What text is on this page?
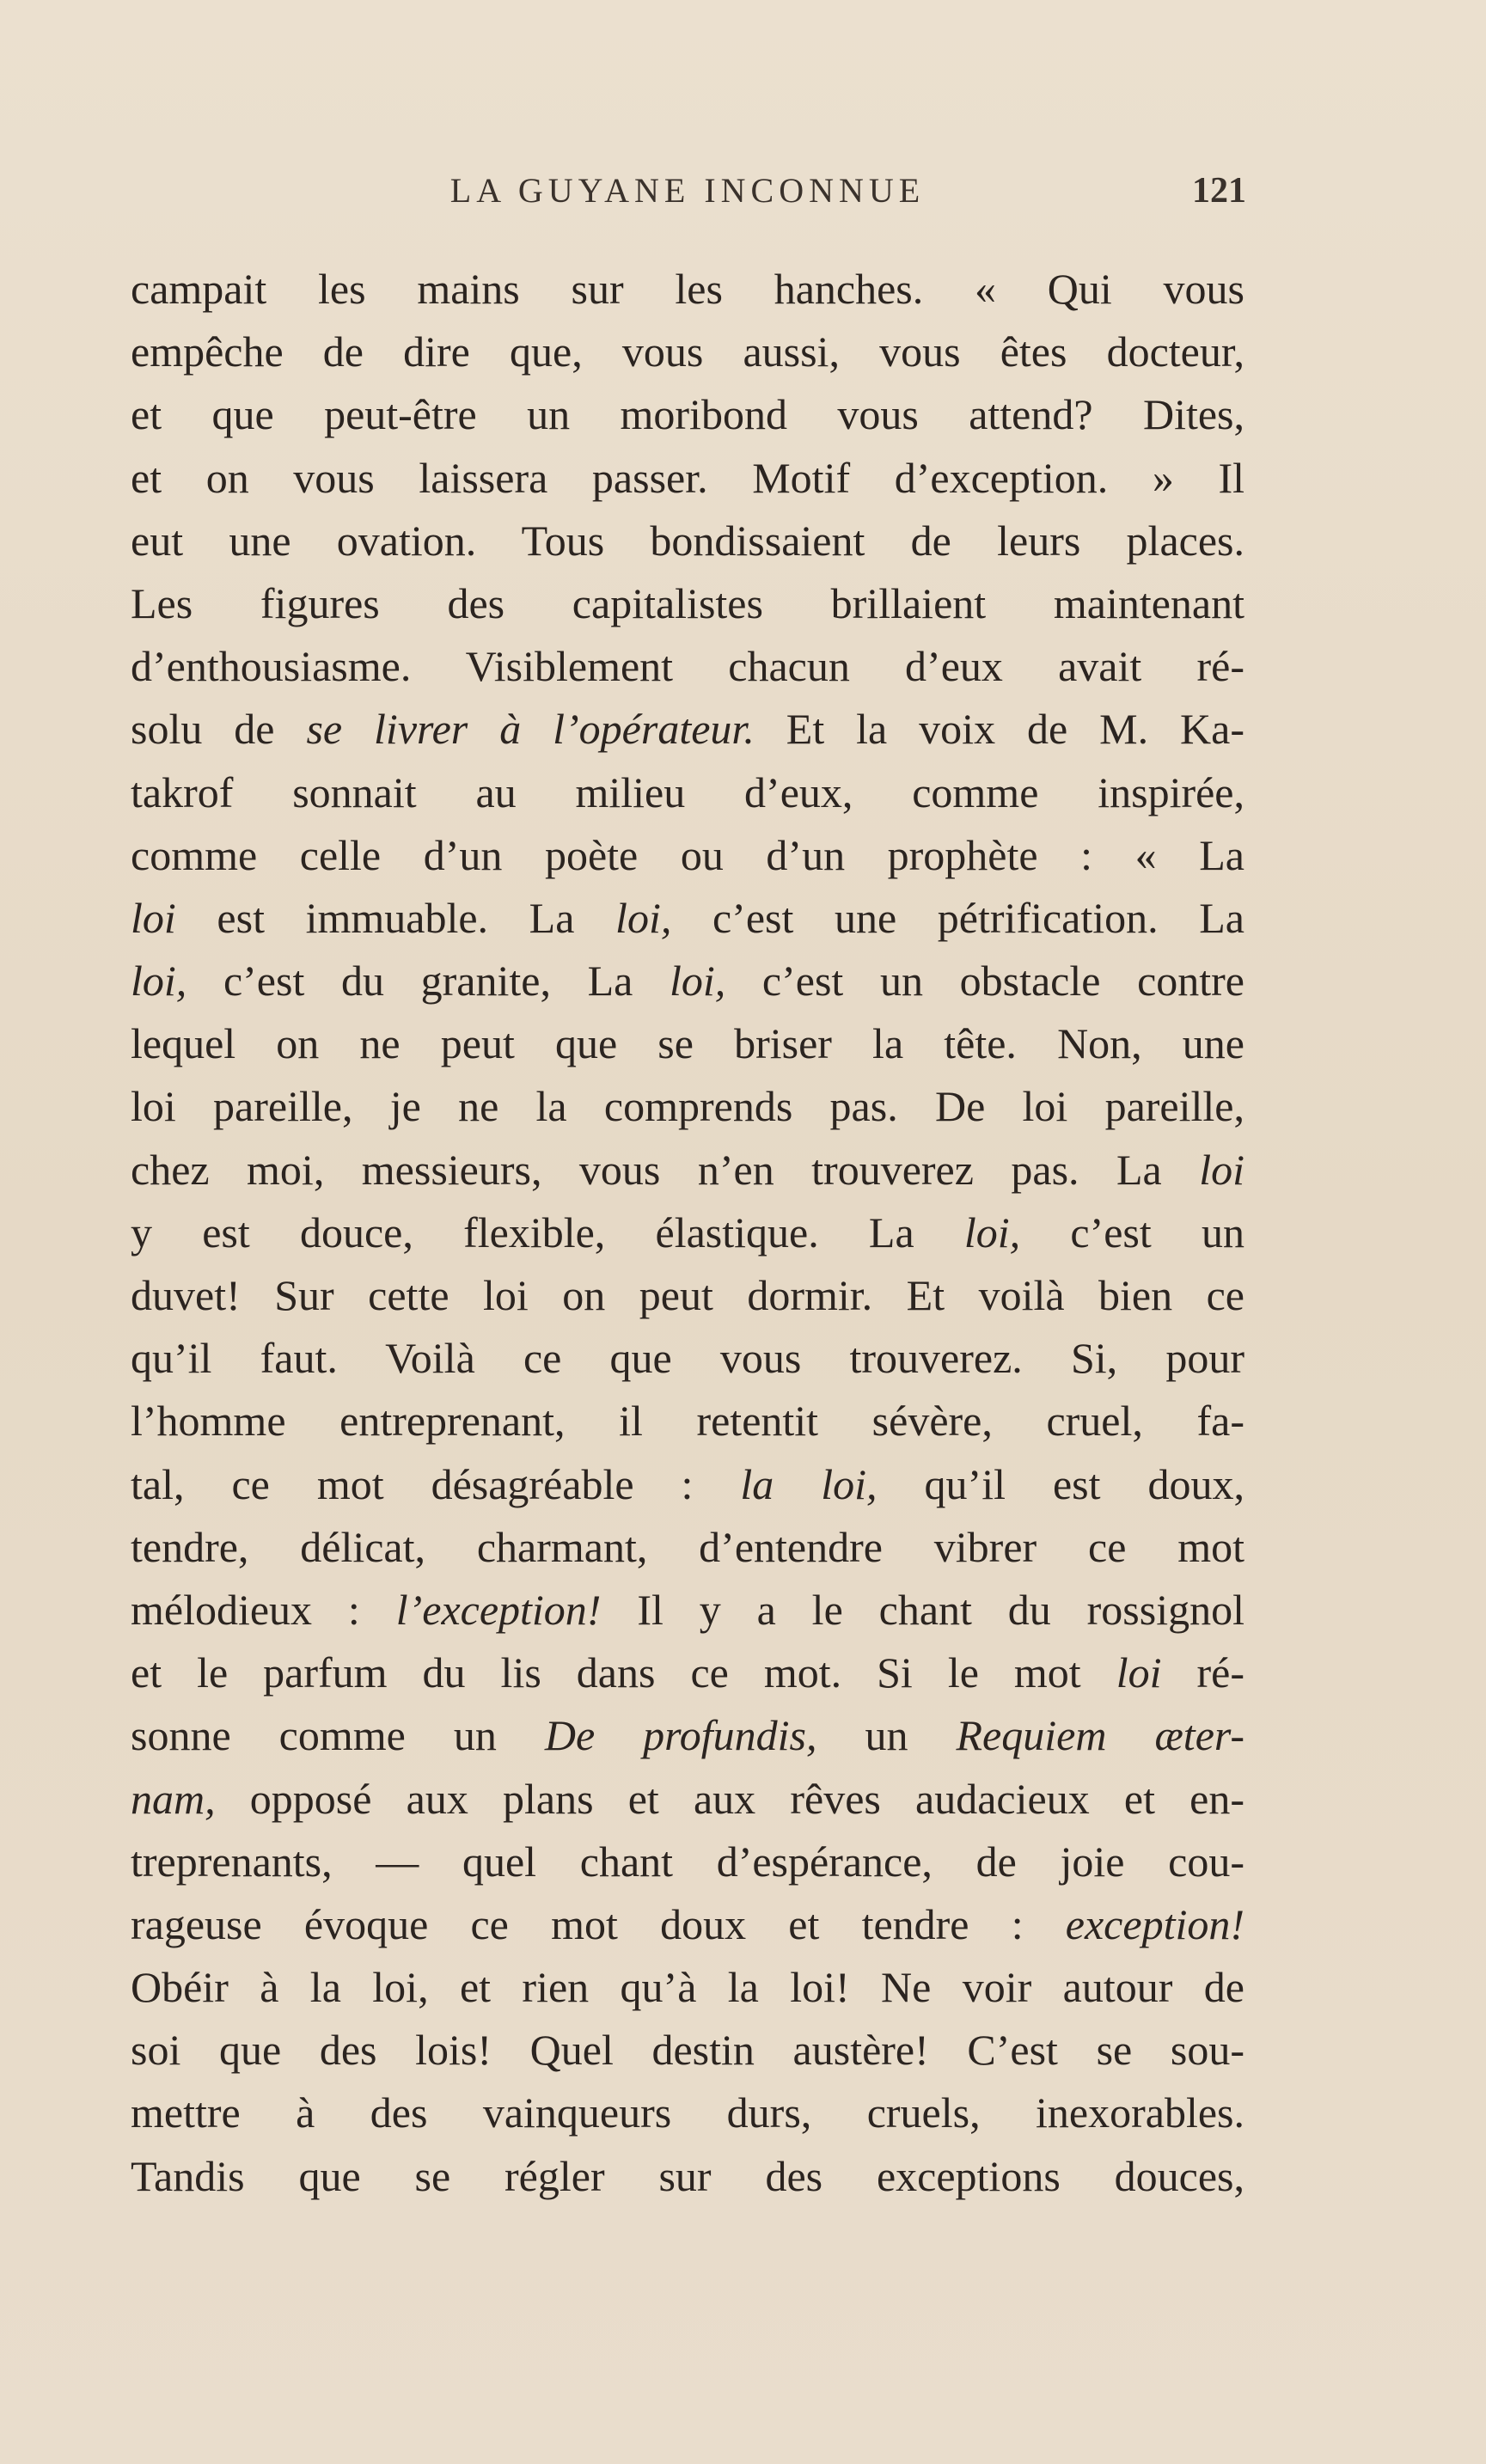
LA GUYANE INCONNUE	121
campait les mains sur les hanches. « Qui vous
empêche de dire que, vous aussi, vous êtes docteur,
et que peut-être un moribond vous attend? Dites,
et on vous laissera passer. Motif d’exception. » Il
eut une ovation. Tous bondissaient de leurs places.
Les figures des capitalistes brillaient maintenant
d’enthousiasme. Visiblement chacun d’eux avait ré-
solu de se livrer à l’opérateur. Et la voix de M. Ka-
takrof sonnait au milieu d’eux, comme inspirée,
comme celle d’un poète ou d’un prophète : « La
loi est immuable. La loi, c’est une pétrification. La
loi, c’est du granite, La loi, c’est un obstacle contre
lequel on ne peut que se briser la tête. Non, une
loi pareille, je ne la comprends pas. De loi pareille,
chez moi, messieurs, vous n’en trouverez pas. La loi
y est douce, flexible, élastique. La loi, c’est un
duvet! Sur cette loi on peut dormir. Et voilà bien ce
qu’il faut. Voilà ce que vous trouverez. Si, pour
l’homme entreprenant, il retentit sévère, cruel, fa-
tal, ce mot désagréable : la loi, qu’il est doux,
tendre, délicat, charmant, d’entendre vibrer ce mot
mélodieux : l’exception! Il y a le chant du rossignol
et le parfum du lis dans ce mot. Si le mot loi ré-
sonne comme un De profundis, un Requiem æter-
nam, opposé aux plans et aux rêves audacieux et en-
treprenants, — quel chant d’espérance, de joie cou-
rageuse évoque ce mot doux et tendre : exception!
Obéir à la loi, et rien qu’à la loi! Ne voir autour de
soi que des lois! Quel destin austère! C’est se sou-
mettre à des vainqueurs durs, cruels, inexorables.
Tandis que se régler sur des exceptions douces,
